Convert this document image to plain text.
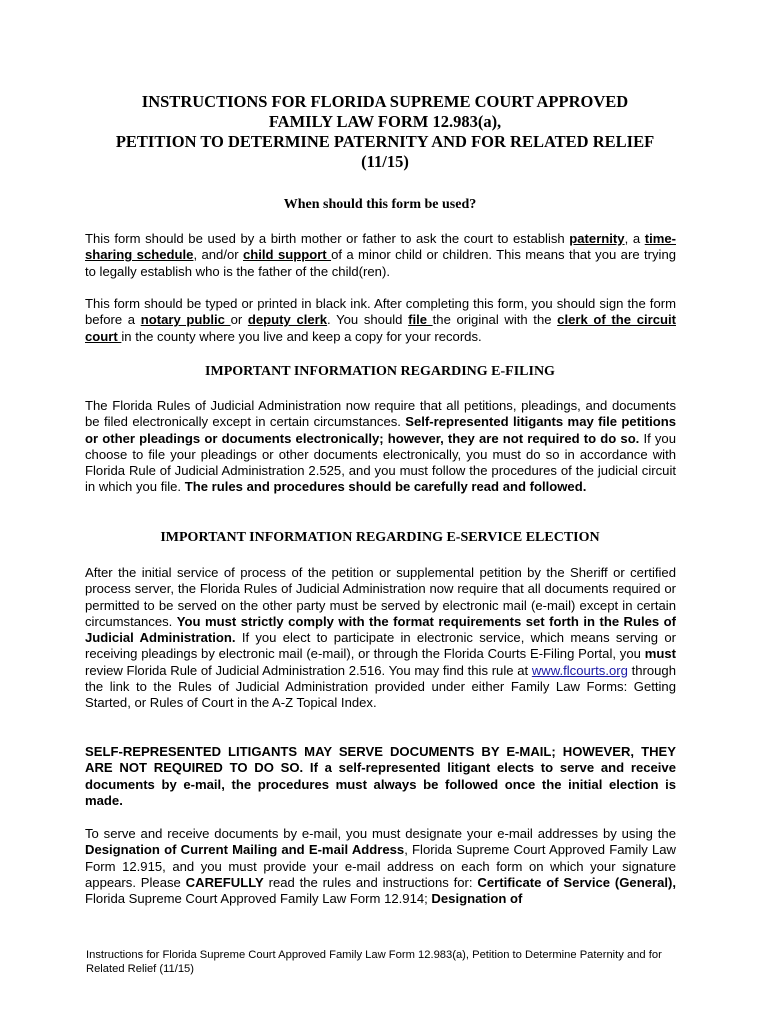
INSTRUCTIONS FOR FLORIDA SUPREME COURT APPROVED
FAMILY LAW FORM 12.983(a),
PETITION TO DETERMINE PATERNITY AND FOR RELATED RELIEF
(11/15)
When should this form be used?
This form should be used by a birth mother or father to ask the court to establish paternity, a time-sharing schedule, and/or child support of a minor child or children. This means that you are trying to legally establish who is the father of the child(ren).
This form should be typed or printed in black ink. After completing this form, you should sign the form before a notary public or deputy clerk. You should file the original with the clerk of the circuit court in the county where you live and keep a copy for your records.
IMPORTANT INFORMATION REGARDING E-FILING
The Florida Rules of Judicial Administration now require that all petitions, pleadings, and documents be filed electronically except in certain circumstances. Self-represented litigants may file petitions or other pleadings or documents electronically; however, they are not required to do so. If you choose to file your pleadings or other documents electronically, you must do so in accordance with Florida Rule of Judicial Administration 2.525, and you must follow the procedures of the judicial circuit in which you file. The rules and procedures should be carefully read and followed.
IMPORTANT INFORMATION REGARDING E-SERVICE ELECTION
After the initial service of process of the petition or supplemental petition by the Sheriff or certified process server, the Florida Rules of Judicial Administration now require that all documents required or permitted to be served on the other party must be served by electronic mail (e-mail) except in certain circumstances. You must strictly comply with the format requirements set forth in the Rules of Judicial Administration. If you elect to participate in electronic service, which means serving or receiving pleadings by electronic mail (e-mail), or through the Florida Courts E-Filing Portal, you must review Florida Rule of Judicial Administration 2.516. You may find this rule at www.flcourts.org through the link to the Rules of Judicial Administration provided under either Family Law Forms: Getting Started, or Rules of Court in the A-Z Topical Index.
SELF-REPRESENTED LITIGANTS MAY SERVE DOCUMENTS BY E-MAIL; HOWEVER, THEY ARE NOT REQUIRED TO DO SO. If a self-represented litigant elects to serve and receive documents by e-mail, the procedures must always be followed once the initial election is made.
To serve and receive documents by e-mail, you must designate your e-mail addresses by using the Designation of Current Mailing and E-mail Address, Florida Supreme Court Approved Family Law Form 12.915, and you must provide your e-mail address on each form on which your signature appears. Please CAREFULLY read the rules and instructions for: Certificate of Service (General), Florida Supreme Court Approved Family Law Form 12.914; Designation of
Instructions for Florida Supreme Court Approved Family Law Form 12.983(a), Petition to Determine Paternity and for Related Relief (11/15)
